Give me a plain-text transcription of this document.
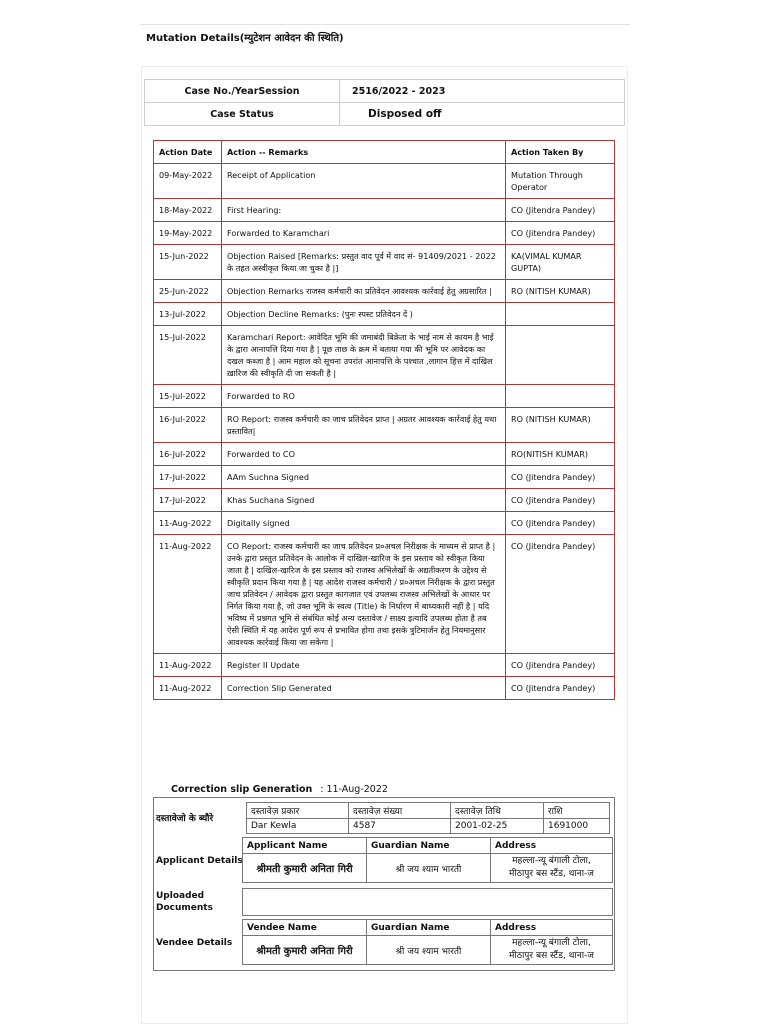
Mutation Details(म्युटेशन आवेदन की स्थिति)
Case No./YearSession	2516/2022 - 2023
Case Status	Disposed off
Action Date	Action -- Remarks	Action Taken By
09-May-2022	Receipt of Application	Mutation Through Operator
18-May-2022	First Hearing:	CO (Jitendra Pandey)
19-May-2022	Forwarded to Karamchari	CO (Jitendra Pandey)
15-Jun-2022	Objection Raised [Remarks: प्रस्तुत वाद पूर्व में वाद सं- 91409/2021 - 2022 के तहत अस्वीकृत किया जा चुका है |]	KA(VIMAL KUMAR GUPTA)
25-Jun-2022	Objection Remarks राजस्व कर्मचारी का प्रतिवेदन आवश्यक कार्रवाई हेतु अग्रसारित |	RO (NITISH KUMAR)
13-Jul-2022	Objection Decline Remarks: (पुनः स्पस्ट प्रतिवेदन दें )	
15-Jul-2022	Karamchari Report: आवेदित भूमि की जमाबंदी बिक्रेता के भाई नाम से कायम है भाई के द्वारा आनापत्ति दिया गया है | पूछ ताछ के क्रम में बताया गया की भूमि पर आवेदक का दखल कब्जा है | आम महाल को सूचना उपरांत आनापत्ति के पश्चात ,लागान हित्त में दाखिल ख़ारिज की स्वीकृति दी जा सकती है |	
15-Jul-2022	Forwarded to RO	
16-Jul-2022	RO Report: राजस्व कर्मचारी का जाच प्रतिवेदन प्राप्त | अग्रतर आवश्यक कार्रवाई हेतु यथा प्रस्तावित|	RO (NITISH KUMAR)
16-Jul-2022	Forwarded to CO	RO(NITISH KUMAR)
17-Jul-2022	AAm Suchna Signed	CO (Jitendra Pandey)
17-Jul-2022	Khas Suchana Signed	CO (Jitendra Pandey)
11-Aug-2022	Digitally signed	CO (Jitendra Pandey)
11-Aug-2022	CO Report: राजस्व कर्मचारी का जाच प्रतिवेदन प्र०अचल निरीक्षक के माध्यम से प्राप्त है | उनके द्वारा प्रस्तुत प्रतिवेदन के आलोक में दाखिल-खारिज के इस प्रस्ताव को स्वीकृत किया जाता है | दाखिल-खारिज के इस प्रस्ताव को राजस्व अभिलेखों के अद्यतीकरण के उद्देश्य से स्वीकृति प्रदान किया गया है | यह आदेश राजस्व कर्मचारी / प्र०अचल निरीक्षक के द्वारा प्रस्तुत जाच प्रतिवेदन / आवेदक द्वारा प्रस्तुत कागजात एवं उपलब्ध राजस्व अभिलेखों के आधार पर निर्गत किया गया है, जो उक्त भूमि के स्वत्व (Title) के निर्धारण में बाध्यकारी नहीं है | यदि भविष्य में प्रश्नगत भूमि से संबंधित कोई अन्य दस्तावेज / साक्ष्य इत्यादि उपलब्ध होता है तब ऐसी स्थिति में यह आदेश पूर्ण रूप से प्रभावित होगा तथा इसके त्रुटिमार्जन हेतु नियमानुसार आवश्यक कार्रवाई किया जा सकेगा |	CO (Jitendra Pandey)
11-Aug-2022	Register II Update	CO (Jitendra Pandey)
11-Aug-2022	Correction Slip Generated	CO (Jitendra Pandey)
Correction slip Generation : 11-Aug-2022
दस्तावेजो के ब्यौरे
दस्तावेज़ प्रकार	दस्तावेज़ संख्या	दस्तावेज़ तिथि	राशि
Dar Kewla	4587	2001-02-25	1691000
Applicant Details
Applicant Name	Guardian Name	Address
श्रीमती कुमारी अनिता गिरी	श्री जय श्याम भारती	महल्ला-न्यू बंगाली टोला,
मीठापुर बस स्टैंड, थाना-ज
Uploaded
Documents
Vendee Details
Vendee Name	Guardian Name	Address
श्रीमती कुमारी अनिता गिरी	श्री जय श्याम भारती	महल्ला-न्यू बंगाली टोला,
मीठापुर बस स्टैंड, थाना-ज
